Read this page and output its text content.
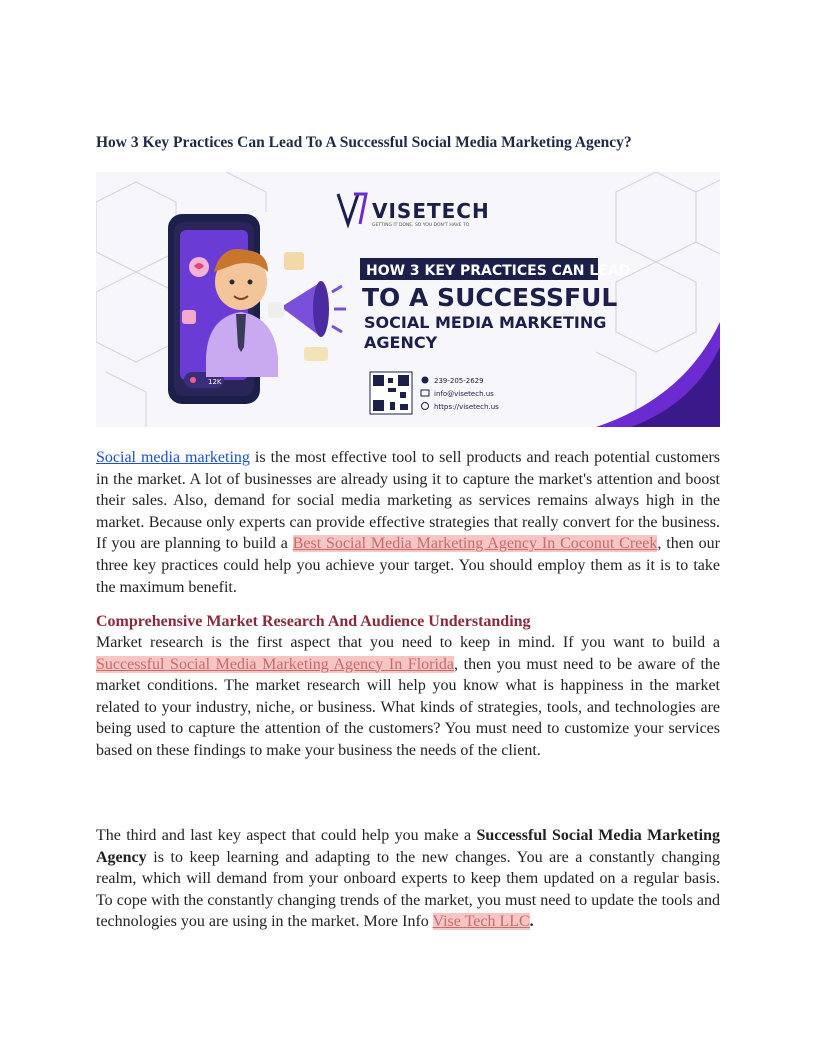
How 3 Key Practices Can Lead To A Successful Social Media Marketing Agency?
VISETECH
GETTING IT DONE, SO YOU DON'T HAVE TO
HOW 3 KEY PRACTICES CAN LEAD
TO A SUCCESSFUL
SOCIAL MEDIA MARKETING
AGENCY
239-205-2629
info@visetech.us
https://visetech.us
12K

Social media marketing is the most effective tool to sell products and reach potential customers in the market. A lot of businesses are already using it to capture the market's attention and boost their sales. Also, demand for social media marketing as services remains always high in the market. Because only experts can provide effective strategies that really convert for the business. If you are planning to build a Best Social Media Marketing Agency In Coconut Creek, then our three key practices could help you achieve your target. You should employ them as it is to take the maximum benefit.

Comprehensive Market Research And Audience Understanding

Market research is the first aspect that you need to keep in mind. If you want to build a Successful Social Media Marketing Agency In Florida, then you must need to be aware of the market conditions. The market research will help you know what is happiness in the market related to your industry, niche, or business. What kinds of strategies, tools, and technologies are being used to capture the attention of the customers? You must need to customize your services based on these findings to make your business the needs of the client.

The third and last key aspect that could help you make a Successful Social Media Marketing Agency is to keep learning and adapting to the new changes. You are a constantly changing realm, which will demand from your onboard experts to keep them updated on a regular basis. To cope with the constantly changing trends of the market, you must need to update the tools and technologies you are using in the market. More Info Vise Tech LLC.
